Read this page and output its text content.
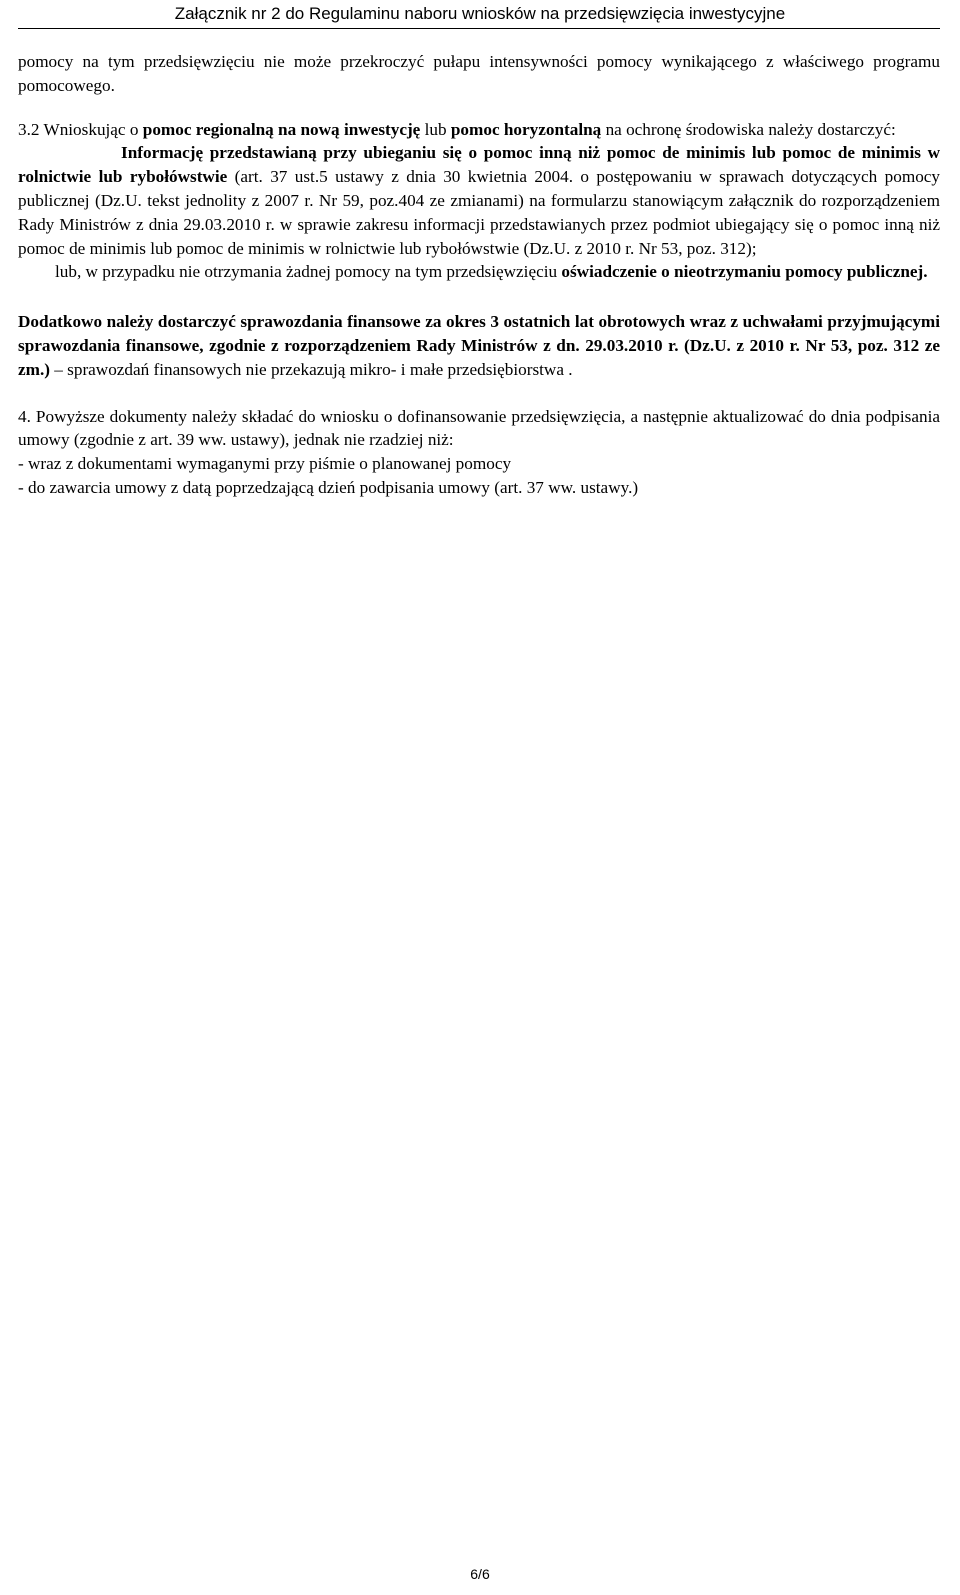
Załącznik nr 2 do Regulaminu naboru wniosków na przedsięwzięcia inwestycyjne

pomocy na tym przedsięwzięciu nie może przekroczyć pułapu intensywności pomocy wynikającego z właściwego programu pomocowego.

3.2 Wnioskując o pomoc regionalną na nową inwestycję lub pomoc horyzontalną na ochronę środowiska należy dostarczyć:

Informację przedstawianą przy ubieganiu się o pomoc inną niż pomoc de minimis lub pomoc de minimis w rolnictwie lub rybołówstwie (art. 37 ust.5 ustawy z dnia 30 kwietnia 2004. o postępowaniu w sprawach dotyczących pomocy publicznej (Dz.U. tekst jednolity z 2007 r. Nr 59, poz.404 ze zmianami) na formularzu stanowiącym załącznik do rozporządzeniem Rady Ministrów z dnia 29.03.2010 r. w sprawie zakresu informacji przedstawianych przez podmiot ubiegający się o pomoc inną niż pomoc de minimis lub pomoc de minimis w rolnictwie lub rybołówstwie (Dz.U. z 2010 r. Nr 53, poz. 312);

lub, w przypadku nie otrzymania żadnej pomocy na tym przedsięwzięciu oświadczenie o nieotrzymaniu pomocy publicznej.

Dodatkowo należy dostarczyć sprawozdania finansowe za okres 3 ostatnich lat obrotowych wraz z uchwałami przyjmującymi sprawozdania finansowe, zgodnie z rozporządzeniem Rady Ministrów z dn. 29.03.2010 r. (Dz.U. z 2010 r. Nr 53, poz. 312 ze zm.) – sprawozdań finansowych nie przekazują mikro- i małe przedsiębiorstwa .

4. Powyższe dokumenty należy składać do wniosku o dofinansowanie przedsięwzięcia, a następnie aktualizować do dnia podpisania umowy (zgodnie z art. 39 ww. ustawy), jednak nie rzadziej niż:

- wraz z dokumentami wymaganymi przy piśmie o planowanej pomocy

- do zawarcia umowy z datą poprzedzającą dzień podpisania umowy (art. 37 ww. ustawy.)

6/6
